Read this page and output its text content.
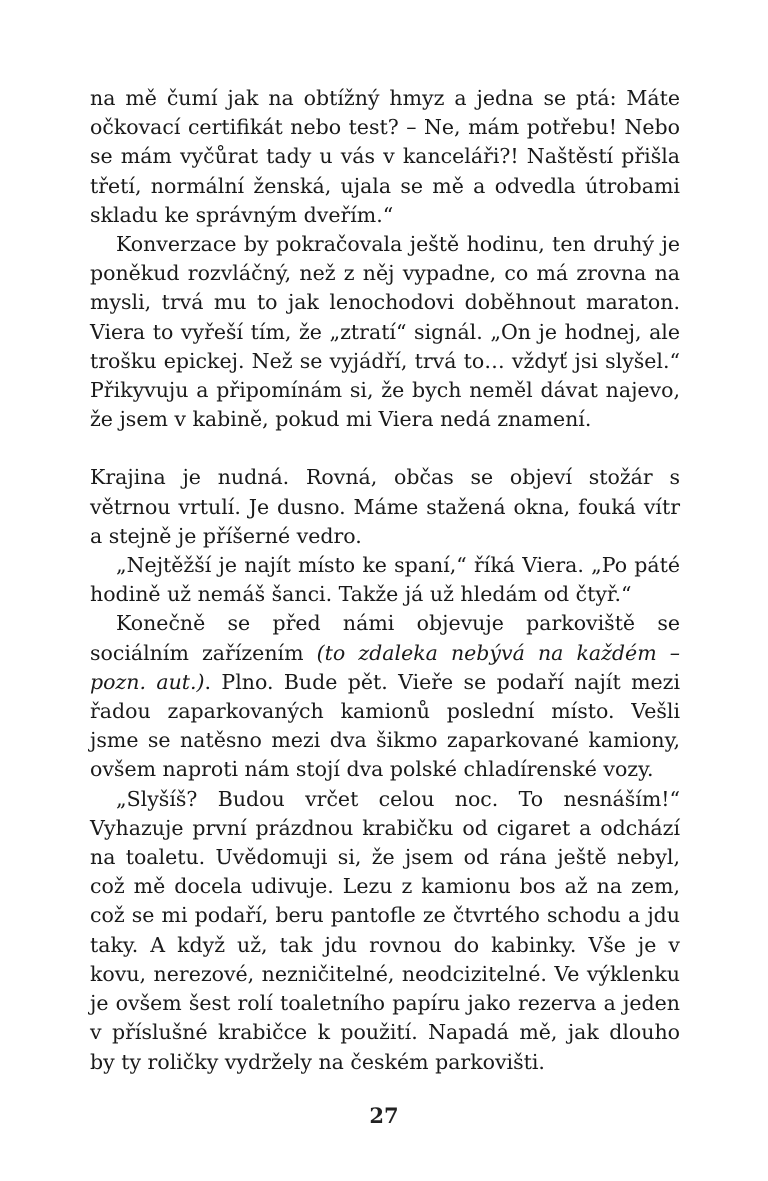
na mě čumí jak na obtížný hmyz a jedna se ptá: Máte očkovací certifikát nebo test? – Ne, mám potřebu! Nebo se mám vyčůrat tady u vás v kanceláři?! Naštěstí přišla třetí, normální ženská, ujala se mě a odvedla útrobami skladu ke správným dveřím.“

Konverzace by pokračovala ještě hodinu, ten druhý je poněkud rozvláčný, než z něj vypadne, co má zrovna na mysli, trvá mu to jak lenochodovi doběhnout maraton. Viera to vyřeší tím, že „ztratí“ signál. „On je hodnej, ale trošku epickej. Než se vyjádří, trvá to… vždyť jsi slyšel.“ Přikyvuju a připomínám si, že bych neměl dávat najevo, že jsem v kabině, pokud mi Viera nedá znamení.

Krajina je nudná. Rovná, občas se objeví stožár s větrnou vrtulí. Je dusno. Máme stažená okna, fouká vítr a stejně je příšerné vedro.

„Nejtěžší je najít místo ke spaní,“ říká Viera. „Po páté hodině už nemáš šanci. Takže já už hledám od čtyř.“

Konečně se před námi objevuje parkoviště se sociálním zařízením (to zdaleka nebývá na každém – pozn. aut.). Plno. Bude pět. Vieře se podaří najít mezi řadou zaparkovaných kamionů poslední místo. Vešli jsme se natěsno mezi dva šikmo zaparkované kamiony, ovšem naproti nám stojí dva polské chladírenské vozy.

„Slyšíš? Budou vrčet celou noc. To nesnáším!“ Vyhazuje první prázdnou krabičku od cigaret a odchází na toaletu. Uvědomuji si, že jsem od rána ještě nebyl, což mě docela udivuje. Lezu z kamionu bos až na zem, což se mi podaří, beru pantofle ze čtvrtého schodu a jdu taky. A když už, tak jdu rovnou do kabinky. Vše je v kovu, nerezové, nezničitelné, neodcizitelné. Ve výklenku je ovšem šest rolí toaletního papíru jako rezerva a jeden v příslušné krabičce k použití. Napadá mě, jak dlouho by ty roličky vydržely na českém parkovišti.

27
